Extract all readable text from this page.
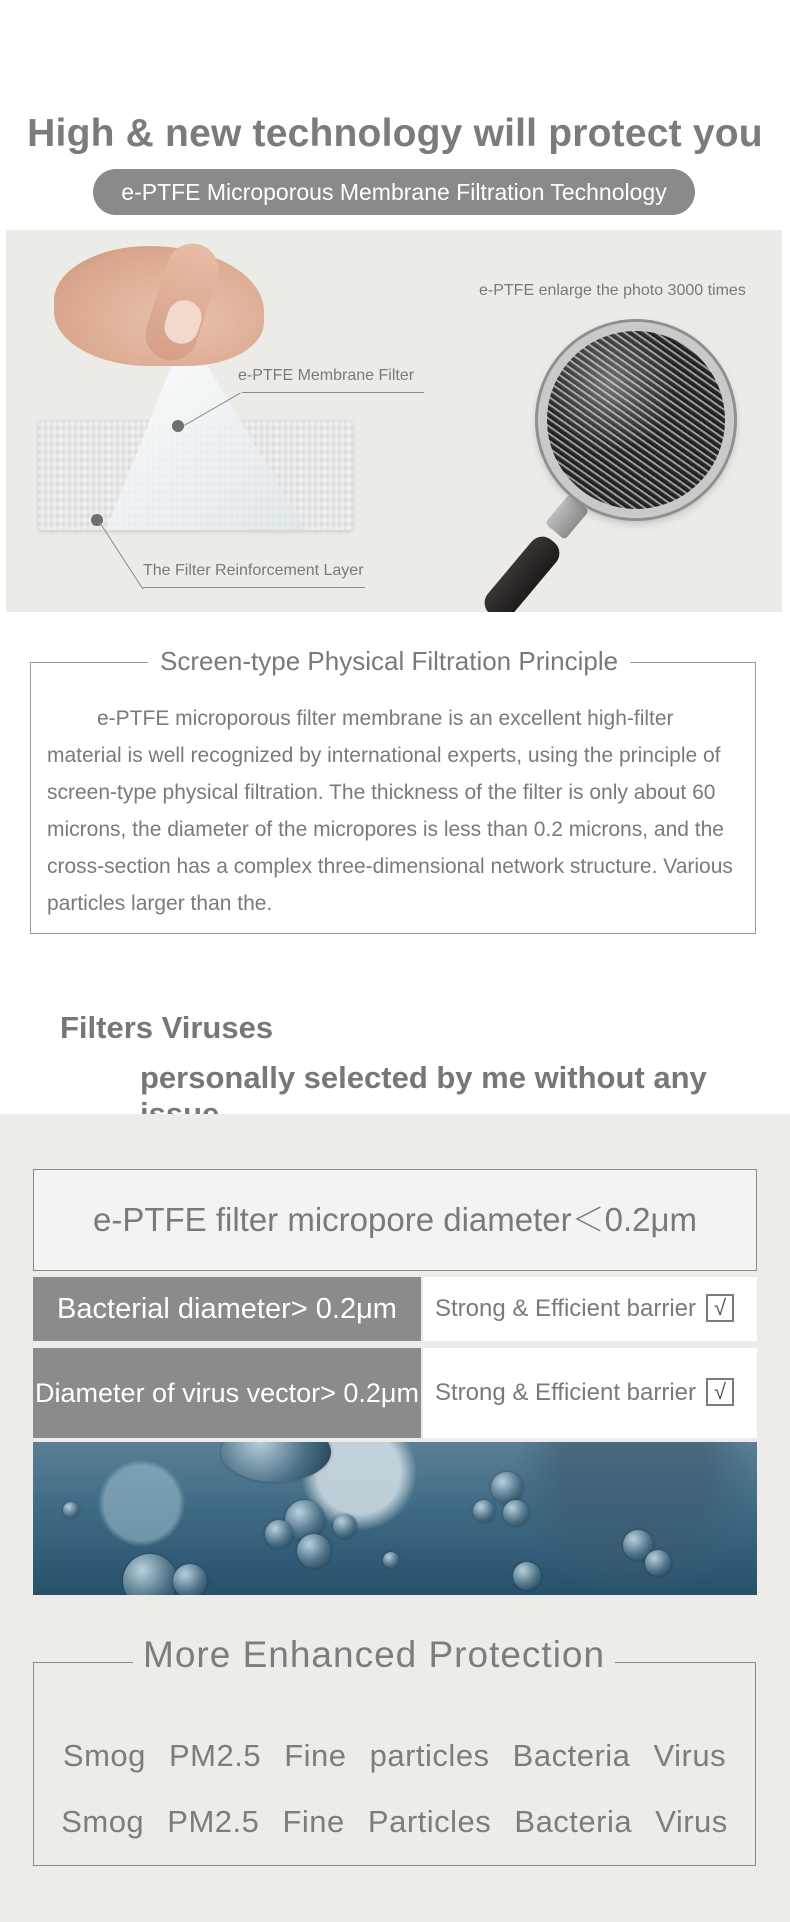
High & new technology will protect you
e-PTFE Microporous Membrane Filtration Technology
e-PTFE Membrane Filter
The Filter Reinforcement Layer
e-PTFE enlarge the photo 3000 times
Screen-type Physical Filtration Principle
e-PTFE microporous filter membrane is an excellent high-filter material is well recognized by international experts, using the principle of screen-type physical filtration. The thickness of the filter is only about 60 microns, the diameter of the micropores is less than 0.2 microns, and the cross-section has a complex three-dimensional network structure. Various particles larger than the.
Filters Viruses
personally selected by me without any
e-PTFE filter micropore diameter＜0.2μm
Bacterial diameter> 0.2μm	Strong & Efficient barrier √
Diameter of virus vector> 0.2μm Strong & Efficient barrier √
More Enhanced Protection
Smog PM2.5 Fine particles Bacteria Virus
Smog PM2.5 Fine Particles Bacteria Virus
